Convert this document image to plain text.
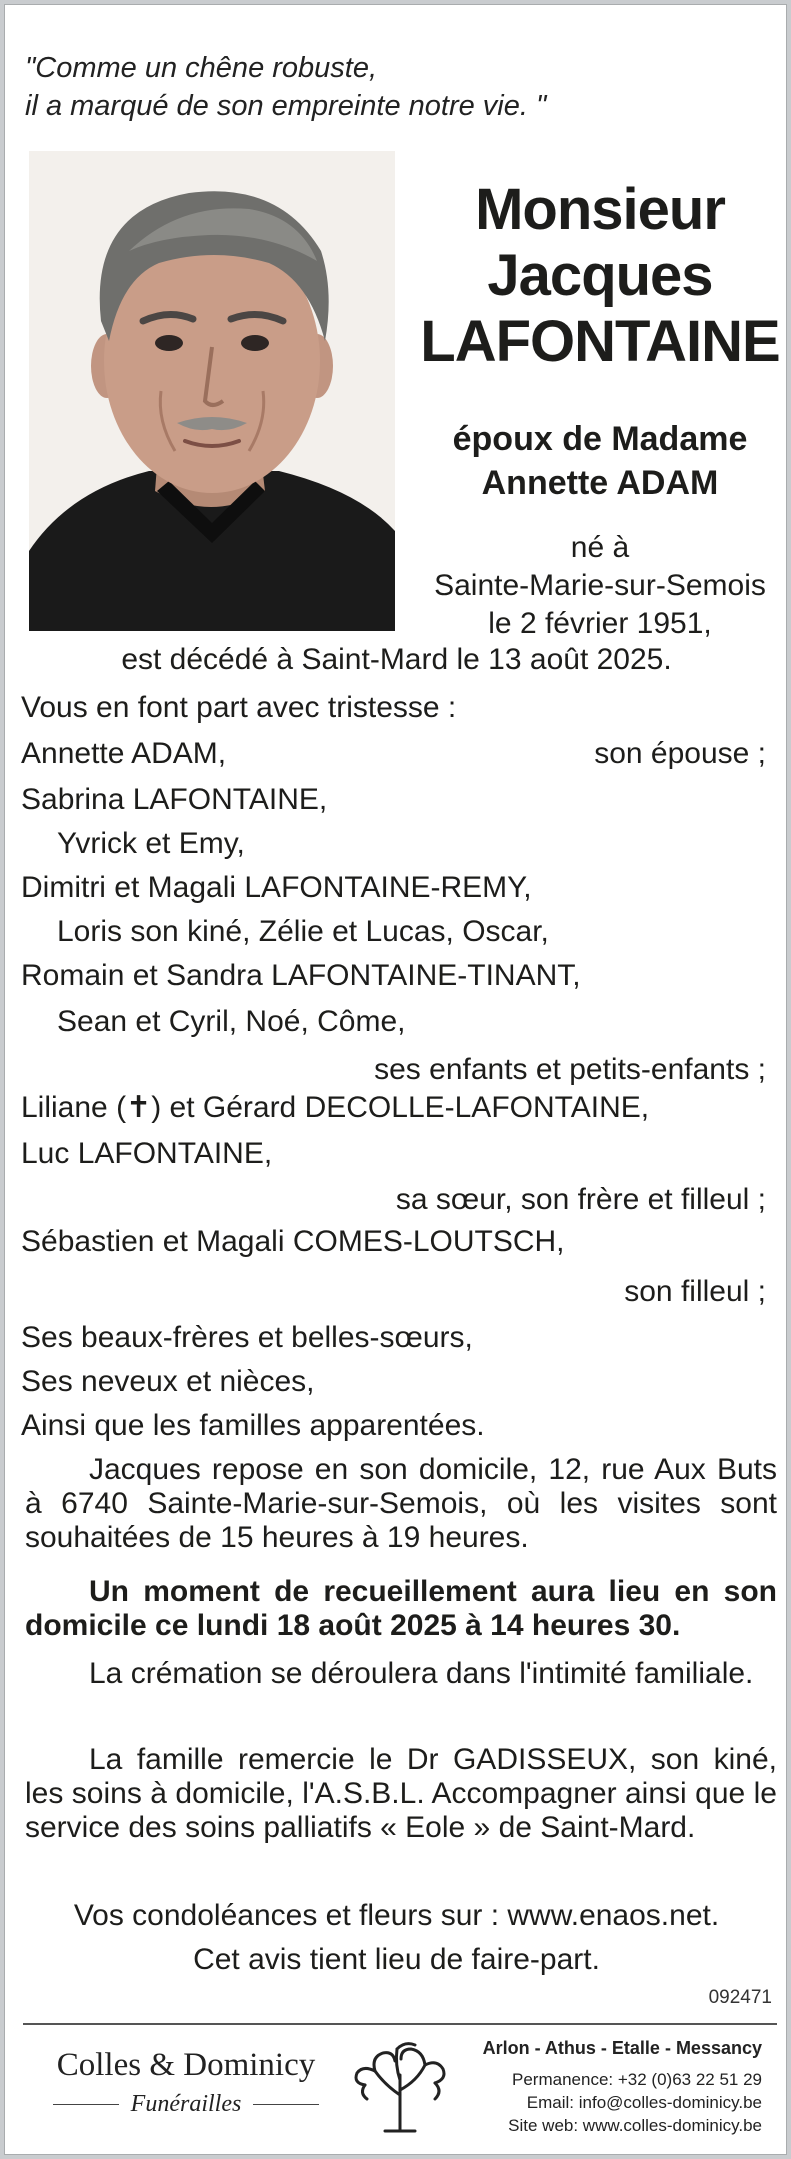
"Comme un chêne robuste,
il a marqué de son empreinte notre vie. "
Monsieur
Jacques
LAFONTAINE
époux de Madame
Annette ADAM
né à
Sainte-Marie-sur-Semois
le 2 février 1951,
est décédé à Saint-Mard le 13 août 2025.
Vous en font part avec tristesse :
Annette ADAM,	son épouse ;
Sabrina LAFONTAINE,
Yvrick et Emy,
Dimitri et Magali LAFONTAINE-REMY,
Loris son kiné, Zélie et Lucas, Oscar,
Romain et Sandra LAFONTAINE-TINANT,
Sean et Cyril, Noé, Côme,
ses enfants et petits-enfants ;
Liliane (✝) et Gérard DECOLLE-LAFONTAINE,
Luc LAFONTAINE,
sa sœur, son frère et filleul ;
Sébastien et Magali COMES-LOUTSCH,
son filleul ;
Ses beaux-frères et belles-sœurs,
Ses neveux et nièces,
Ainsi que les familles apparentées.
Jacques repose en son domicile, 12, rue Aux Buts à 6740 Sainte-Marie-sur-Semois, où les visites sont souhaitées de 15 heures à 19 heures.
Un moment de recueillement aura lieu en son domicile ce lundi 18 août 2025 à 14 heures 30.
La crémation se déroulera dans l'intimité familiale.
La famille remercie le Dr GADISSEUX, son kiné, les soins à domicile, l'A.S.B.L. Accompagner ainsi que le service des soins palliatifs « Eole » de Saint-Mard.
Vos condoléances et fleurs sur : www.enaos.net.
Cet avis tient lieu de faire-part.
092471
Colles & Dominicy
Funérailles
Arlon - Athus - Etalle - Messancy
Permanence: +32 (0)63 22 51 29
Email: info@colles-dominicy.be
Site web: www.colles-dominicy.be
